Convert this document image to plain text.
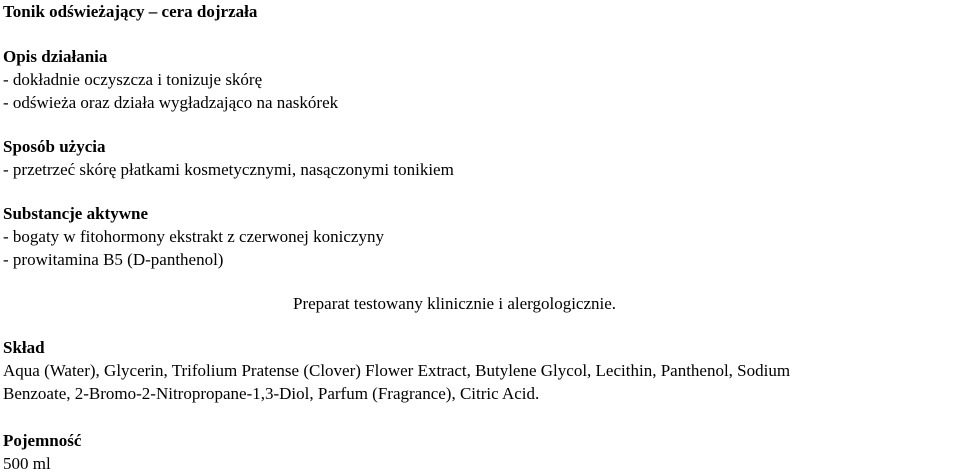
Tonik odświeżający – cera dojrzała

Opis działania

- dokładnie oczyszcza i tonizuje skórę

- odświeża oraz działa wygładzająco na naskórek

Sposób użycia

- przetrzeć skórę płatkami kosmetycznymi, nasączonymi tonikiem

Substancje aktywne

- bogaty w fitohormony ekstrakt z czerwonej koniczyny

- prowitamina B5 (D-panthenol)

Preparat testowany klinicznie i alergologicznie.

Skład

Aqua (Water), Glycerin, Trifolium Pratense (Clover) Flower Extract, Butylene Glycol, Lecithin, Panthenol, Sodium

Benzoate, 2-Bromo-2-Nitropropane-1,3-Diol, Parfum (Fragrance), Citric Acid.

Pojemność

500 ml
